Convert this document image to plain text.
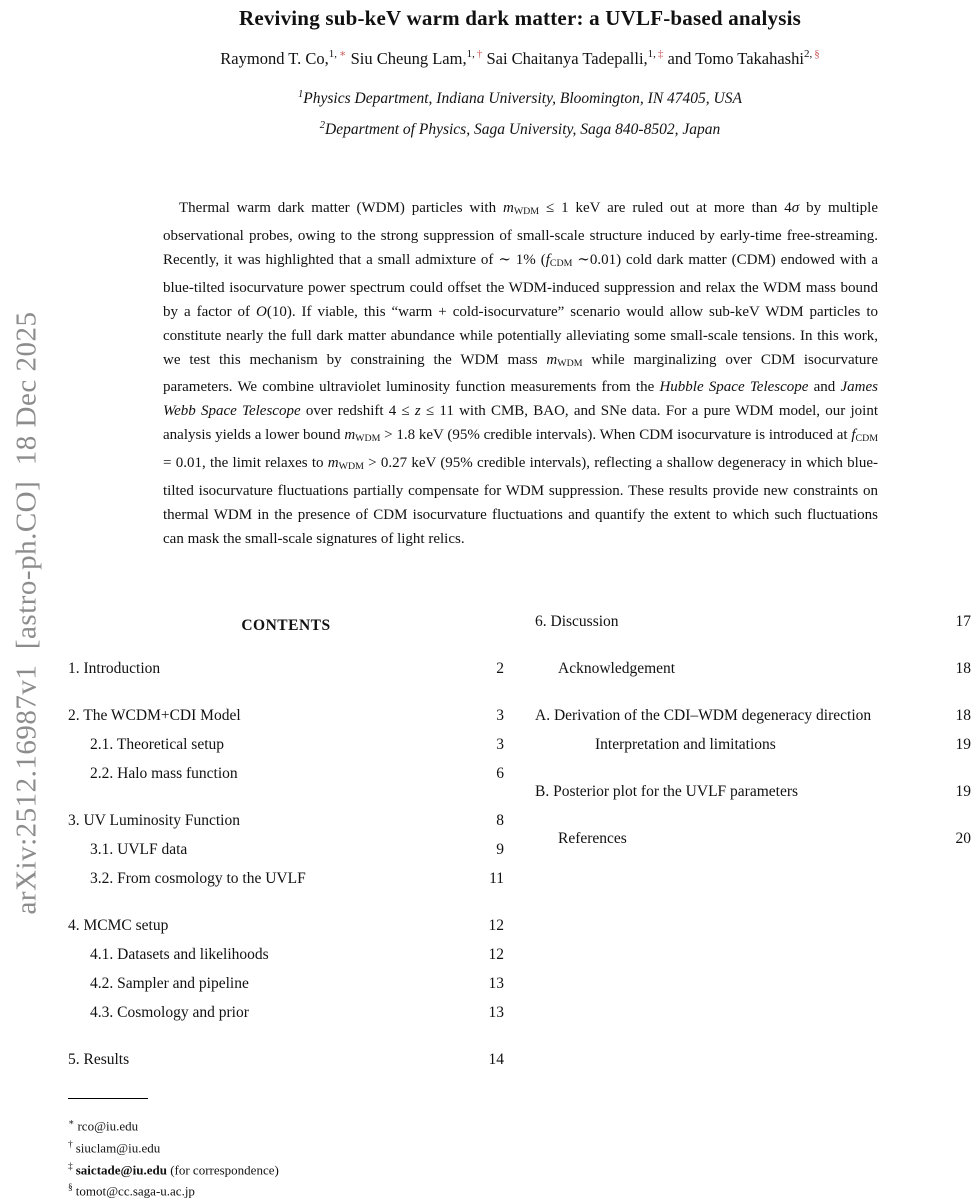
arXiv:2512.16987v1  [astro-ph.CO]  18 Dec 2025
Reviving sub-keV warm dark matter: a UVLF-based analysis
Raymond T. Co,$^{1, ∗}$ Siu Cheung Lam,$^{1, \dagger}$ Sai Chaitanya Tadepalli,$^{1, \ddagger}$ and Tomo Takahashi$^{2, \S}$
$^1$Physics Department, Indiana University, Bloomington, IN 47405, USA
$^2$Department of Physics, Saga University, Saga 840-8502, Japan

Thermal warm dark matter (WDM) particles with $m_{WDM} \le 1$ keV are ruled out at more than 4σ by multiple observational probes, owing to the strong suppression of small-scale structure induced by early-time free-streaming. Recently, it was highlighted that a small admixture of ∼ 1% ($f_{CDM}$ ∼0.01) cold dark matter (CDM) endowed with a blue-tilted isocurvature power spectrum could offset the WDM-induced suppression and relax the WDM mass bound by a factor of O(10). If viable, this “warm + cold-isocurvature” scenario would allow sub-keV WDM particles to constitute nearly the full dark matter abundance while potentially alleviating some small-scale tensions. In this work, we test this mechanism by constraining the WDM mass $m_{WDM}$ while marginalizing over CDM isocurvature parameters. We combine ultraviolet luminosity function measurements from the Hubble Space Telescope and James Webb Space Telescope over redshift 4 ≤ z ≤ 11 with CMB, BAO, and SNe data. For a pure WDM model, our joint analysis yields a lower bound $m_{WDM} > 1.8$ keV (95% credible intervals). When CDM isocurvature is introduced at $f_{CDM} = 0.01$, the limit relaxes to $m_{WDM} > 0.27$ keV (95% credible intervals), reflecting a shallow degeneracy in which blue-tilted isocurvature fluctuations partially compensate for WDM suppression. These results provide new constraints on thermal WDM in the presence of CDM isocurvature fluctuations and quantify the extent to which such fluctuations can mask the small-scale signatures of light relics.

CONTENTS
1. Introduction	2
2. The WCDM+CDI Model	3
2.1. Theoretical setup	3
2.2. Halo mass function	6
3. UV Luminosity Function	8
3.1. UVLF data	9
3.2. From cosmology to the UVLF	11
4. MCMC setup	12
4.1. Datasets and likelihoods	12
4.2. Sampler and pipeline	13
4.3. Cosmology and prior	13
5. Results	14
6. Discussion	17
Acknowledgement	18
A. Derivation of the CDI–WDM degeneracy direction	18
Interpretation and limitations	19
B. Posterior plot for the UVLF parameters	19
References	20
∗ rco@iu.edu
† siuclam@iu.edu
‡ saictade@iu.edu (for correspondence)
§ tomot@cc.saga-u.ac.jp
